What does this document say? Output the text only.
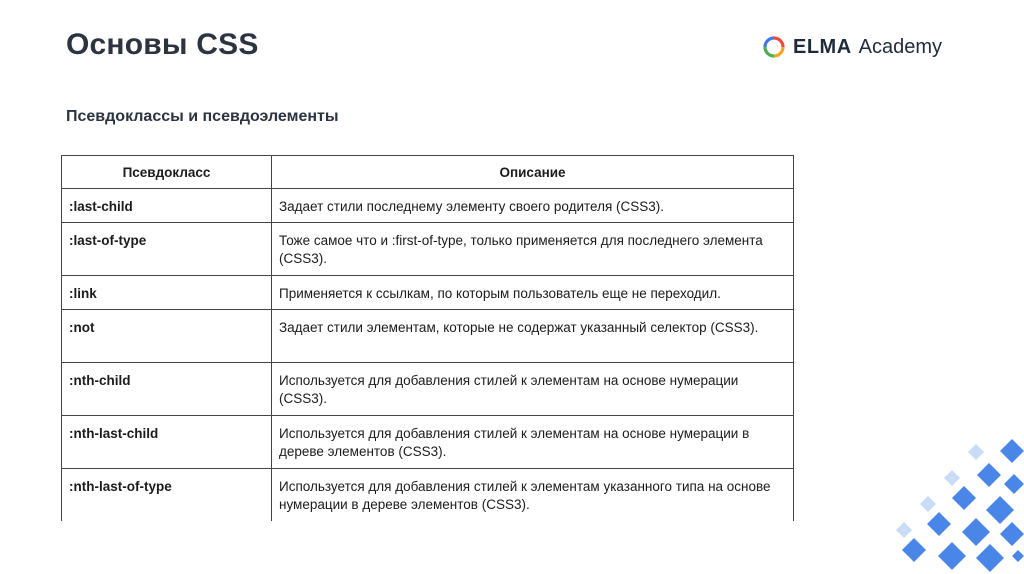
Основы CSS	ELMA Academy
Псевдоклассы и псевдоэлементы
Псевдокласс	Описание
:last-child	Задает стили последнему элементу своего родителя (CSS3).
:last-of-type	Тоже самое что и :first-of-type, только применяется для последнего элемента (CSS3).
:link	Применяется к ссылкам, по которым пользователь еще не переходил.
:not	Задает стили элементам, которые не содержат указанный селектор (CSS3).
:nth-child	Используется для добавления стилей к элементам на основе нумерации (CSS3).
:nth-last-child	Используется для добавления стилей к элементам на основе нумерации в дереве элементов (CSS3).
:nth-last-of-type	Используется для добавления стилей к элементам указанного типа на основе нумерации в дереве элементов (CSS3).
